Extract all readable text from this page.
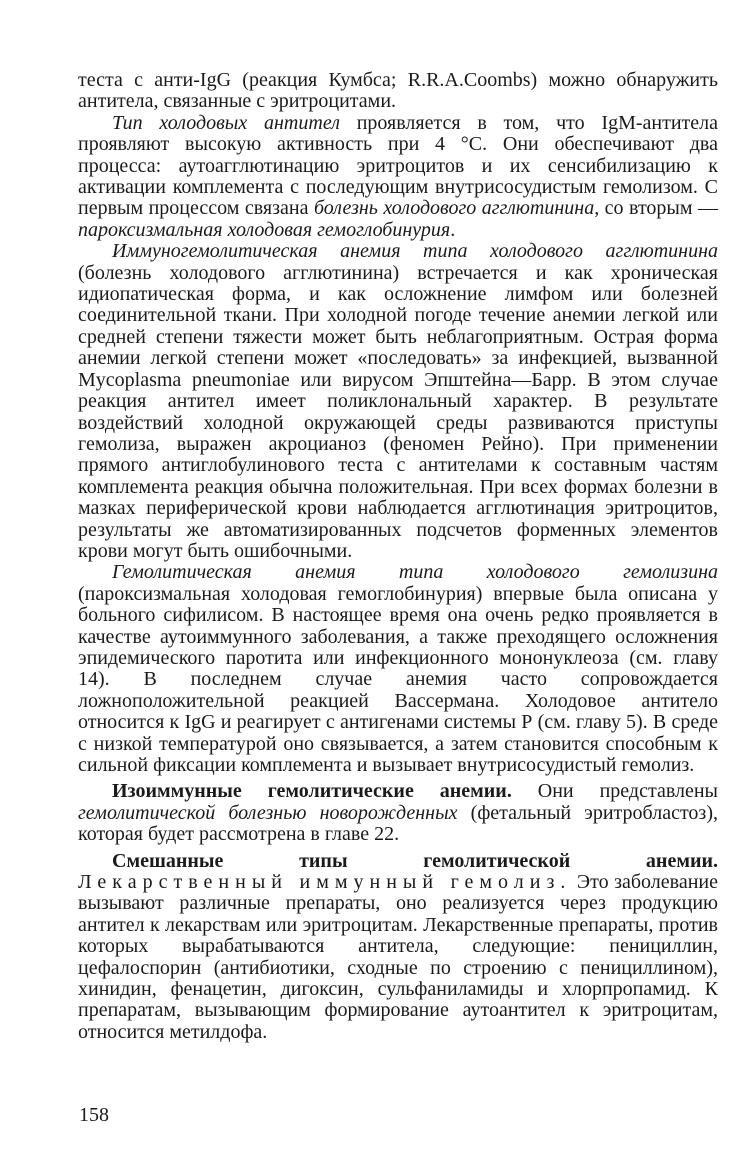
теста с анти-IgG (реакция Кумбса; R.R.A.Coombs) можно обнаружить антитела, связанные с эритроцитами.

Тип холодовых антител проявляется в том, что IgM-антитела проявляют высокую активность при 4 °С. Они обеспечивают два процесса: аутоагглютинацию эритроцитов и их сенсибилизацию к активации комплемента с последующим внутрисосудистым гемолизом. С первым процессом связана болезнь холодового агглютинина, со вторым — пароксизмальная холодовая гемоглобинурия.

Иммуногемолитическая анемия типа холодового агглютинина (болезнь холодового агглютинина) встречается и как хроническая идиопатическая форма, и как осложнение лимфом или болезней соединительной ткани. При холодной погоде течение анемии легкой или средней степени тяжести может быть неблагоприятным. Острая форма анемии легкой степени может «последовать» за инфекцией, вызванной Mycoplasma pneumoniae или вирусом Эпштейна—Барр. В этом случае реакция антител имеет поликлональный характер. В результате воздействий холодной окружающей среды развиваются приступы гемолиза, выражен акроцианоз (феномен Рейно). При применении прямого антиглобулинового теста с антителами к составным частям комплемента реакция обычна положительная. При всех формах болезни в мазках периферической крови наблюдается агглютинация эритроцитов, результаты же автоматизированных подсчетов форменных элементов крови могут быть ошибочными.

Гемолитическая анемия типа холодового гемолизина (пароксизмальная холодовая гемоглобинурия) впервые была описана у больного сифилисом. В настоящее время она очень редко проявляется в качестве аутоиммунного заболевания, а также преходящего осложнения эпидемического паротита или инфекционного мононуклеоза (см. главу 14). В последнем случае анемия часто сопровождается ложноположительной реакцией Вассермана. Холодовое антитело относится к IgG и реагирует с антигенами системы Р (см. главу 5). В среде с низкой температурой оно связывается, а затем становится способным к сильной фиксации комплемента и вызывает внутрисосудистый гемолиз.

Изоиммунные гемолитические анемии. Они представлены гемолитической болезнью новорожденных (фетальный эритробластоз), которая будет рассмотрена в главе 22.

Смешанные типы гемолитической анемии. Лекарственный иммунный гемолиз. Это заболевание вызывают различные препараты, оно реализуется через продукцию антител к лекарствам или эритроцитам. Лекарственные препараты, против которых вырабатываются антитела, следующие: пенициллин, цефалоспорин (антибиотики, сходные по строению с пенициллином), хинидин, фенацетин, дигоксин, сульфаниламиды и хлорпропамид. К препаратам, вызывающим формирование аутоантител к эритроцитам, относится метилдофа.

158
